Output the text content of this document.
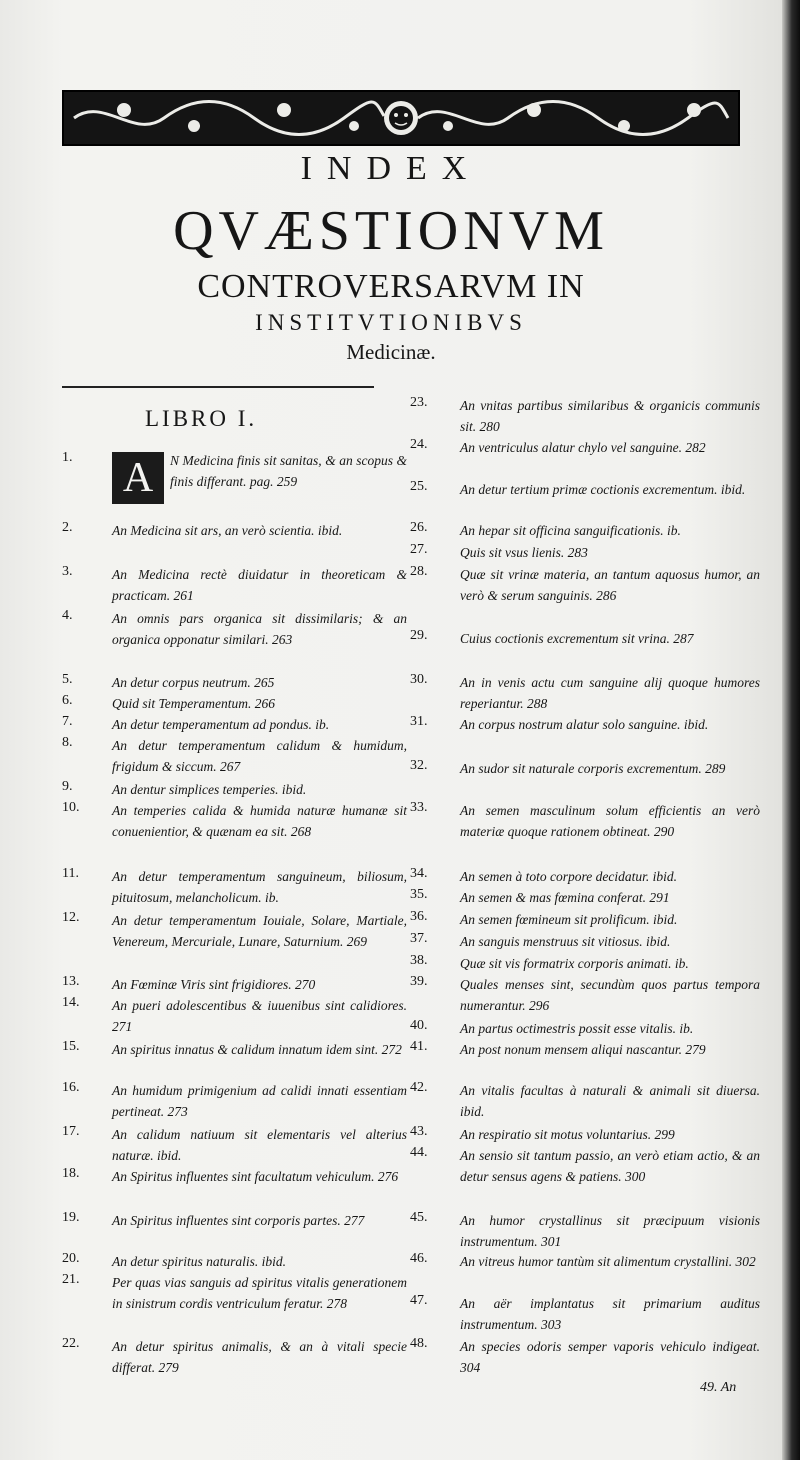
INDEX
QVÆSTIONVM
CONTROVERSARVM IN
INSTITVTIONIBVS
Medicinæ.
LIBRO I.
1.	A	N Medicina finis sit sanitas, & an scopus & finis differant. pag. 259
2.	An Medicina sit ars, an verò scientia. ibid.
3.	An Medicina rectè diuidatur in theoreticam & practicam. 261
4.	An omnis pars organica sit dissimilaris; & an organica opponatur similari. 263
5.	An detur corpus neutrum. 265
6.	Quid sit Temperamentum. 266
7.	An detur temperamentum ad pondus. ib.
8.	An detur temperamentum calidum & humidum, frigidum & siccum. 267
9.	An dentur simplices temperies. ibid.
10.	An temperies calida & humida naturæ humanæ sit conuenientior, & quænam ea sit. 268
11.	An detur temperamentum sanguineum, biliosum, pituitosum, melancholicum. ib.
12.	An detur temperamentum Iouiale, Solare, Martiale, Venereum, Mercuriale, Lunare, Saturnium. 269
13.	An Fœminæ Viris sint frigidiores. 270
14.	An pueri adolescentibus & iuuenibus sint calidiores. 271
15.	An spiritus innatus & calidum innatum idem sint. 272
16.	An humidum primigenium ad calidi innati essentiam pertineat. 273
17.	An calidum natiuum sit elementaris vel alterius naturæ. ibid.
18.	An Spiritus influentes sint facultatum vehiculum. 276
19.	An Spiritus influentes sint corporis partes. 277
20.	An detur spiritus naturalis. ibid.
21.	Per quas vias sanguis ad spiritus vitalis generationem in sinistrum cordis ventriculum feratur. 278
22.	An detur spiritus animalis, & an à vitali specie differat. 279
23.	An vnitas partibus similaribus & organicis communis sit. 280
24.	An ventriculus alatur chylo vel sanguine. 282
25.	An detur tertium primæ coctionis excrementum. ibid.
26.	An hepar sit officina sanguificationis. ib.
27.	Quis sit vsus lienis. 283
28.	Quæ sit vrinæ materia, an tantum aquosus humor, an verò & serum sanguinis. 286
29.	Cuius coctionis excrementum sit vrina. 287
30.	An in venis actu cum sanguine alij quoque humores reperiantur. 288
31.	An corpus nostrum alatur solo sanguine. ibid.
32.	An sudor sit naturale corporis excrementum. 289
33.	An semen masculinum solum efficientis an verò materiæ quoque rationem obtineat. 290
34.	An semen à toto corpore decidatur. ibid.
35.	An semen & mas fœmina conferat. 291
36.	An semen fœmineum sit prolificum. ibid.
37.	An sanguis menstruus sit vitiosus. ibid.
38.	Quæ sit vis formatrix corporis animati. ib.
39.	Quales menses sint, secundùm quos partus tempora numerantur. 296
40.	An partus octimestris possit esse vitalis. ib.
41.	An post nonum mensem aliqui nascantur. 279
42.	An vitalis facultas à naturali & animali sit diuersa. ibid.
43.	An respiratio sit motus voluntarius. 299
44.	An sensio sit tantum passio, an verò etiam actio, & an detur sensus agens & patiens. 300
45.	An humor crystallinus sit præcipuum visionis instrumentum. 301
46.	An vitreus humor tantùm sit alimentum crystallini. 302
47.	An aër implantatus sit primarium auditus instrumentum. 303
48.	An species odoris semper vaporis vehiculo indigeat. 304
49. An
